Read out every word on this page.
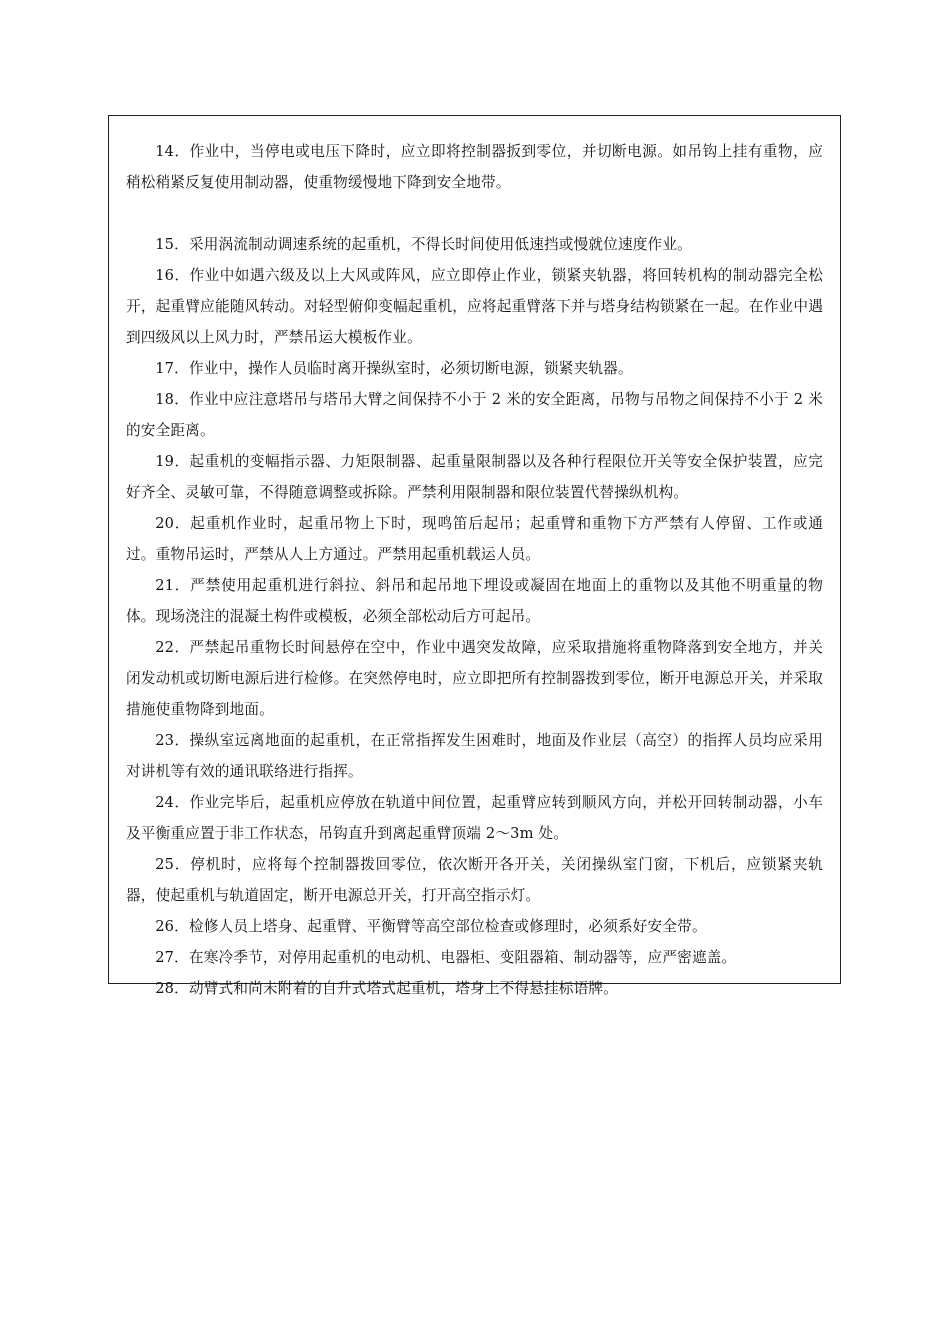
14．作业中，当停电或电压下降时，应立即将控制器扳到零位，并切断电源。如吊钩上挂有重物，应稍松稍紧反复使用制动器，使重物缓慢地下降到安全地带。

15．采用涡流制动调速系统的起重机，不得长时间使用低速挡或慢就位速度作业。

16．作业中如遇六级及以上大风或阵风，应立即停止作业，锁紧夹轨器，将回转机构的制动器完全松开，起重臂应能随风转动。对轻型俯仰变幅起重机，应将起重臂落下并与塔身结构锁紧在一起。在作业中遇到四级风以上风力时，严禁吊运大模板作业。

17．作业中，操作人员临时离开操纵室时，必须切断电源，锁紧夹轨器。

18．作业中应注意塔吊与塔吊大臂之间保持不小于 2 米的安全距离，吊物与吊物之间保持不小于 2 米的安全距离。

19．起重机的变幅指示器、力矩限制器、起重量限制器以及各种行程限位开关等安全保护装置，应完好齐全、灵敏可靠，不得随意调整或拆除。严禁利用限制器和限位装置代替操纵机构。

20．起重机作业时，起重吊物上下时，现鸣笛后起吊；起重臂和重物下方严禁有人停留、工作或通过。重物吊运时，严禁从人上方通过。严禁用起重机载运人员。

21．严禁使用起重机进行斜拉、斜吊和起吊地下埋设或凝固在地面上的重物以及其他不明重量的物体。现场浇注的混凝土构件或模板，必须全部松动后方可起吊。

22．严禁起吊重物长时间悬停在空中，作业中遇突发故障，应采取措施将重物降落到安全地方，并关闭发动机或切断电源后进行检修。在突然停电时，应立即把所有控制器拨到零位，断开电源总开关，并采取措施使重物降到地面。

23．操纵室远离地面的起重机，在正常指挥发生困难时，地面及作业层（高空）的指挥人员均应采用对讲机等有效的通讯联络进行指挥。

24．作业完毕后，起重机应停放在轨道中间位置，起重臂应转到顺风方向，并松开回转制动器，小车及平衡重应置于非工作状态，吊钩直升到离起重臂顶端 2～3m 处。

25．停机时，应将每个控制器拨回零位，依次断开各开关，关闭操纵室门窗，下机后，应锁紧夹轨器，使起重机与轨道固定，断开电源总开关，打开高空指示灯。

26．检修人员上塔身、起重臂、平衡臂等高空部位检查或修理时，必须系好安全带。

27．在寒冷季节，对停用起重机的电动机、电器柜、变阻器箱、制动器等，应严密遮盖。

28．动臂式和尚未附着的自升式塔式起重机，塔身上不得悬挂标语牌。
